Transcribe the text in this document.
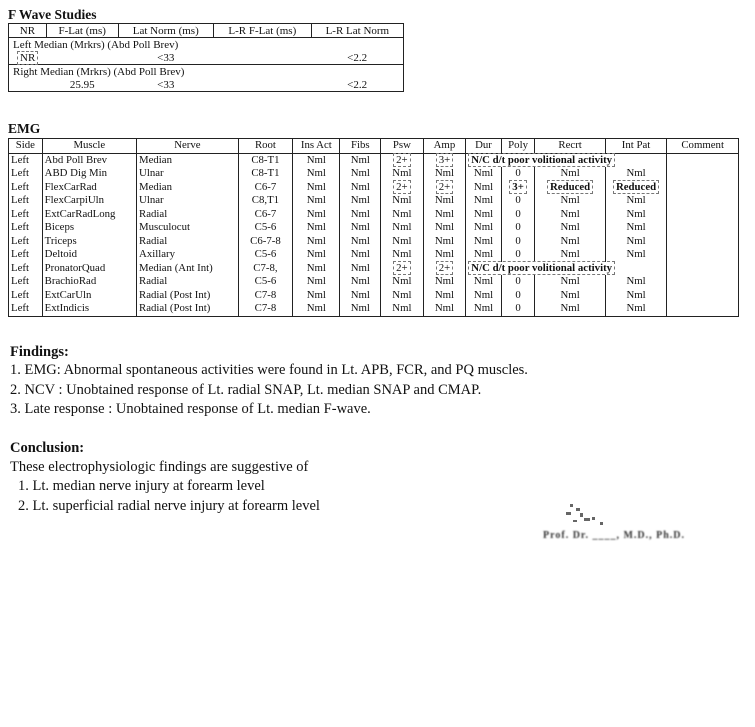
F Wave Studies
NR	F-Lat (ms)	Lat Norm (ms)	L-R F-Lat (ms)	L-R Lat Norm
Left Median (Mrkrs) (Abd Poll Brev)				
NR		<33		<2.2
Right Median (Mrkrs) (Abd Poll Brev)				
	25.95	<33		<2.2
EMG
Side	Muscle	Nerve	Root	Ins Act	Fibs	Psw	Amp	Dur	Poly	Recrt	Int Pat	Comment
Left	Abd Poll Brev	Median	C8-T1	Nml	Nml	2+	3+	N/C d/t poor volitional activity				
Left	ABD Dig Min	Ulnar	C8-T1	Nml	Nml	Nml	Nml	Nml	0	Nml	Nml	
Left	FlexCarRad	Median	C6-7	Nml	Nml	2+	2+	Nml	3+	Reduced	Reduced	
Left	FlexCarpiUln	Ulnar	C8,T1	Nml	Nml	Nml	Nml	Nml	0	Nml	Nml	
Left	ExtCarRadLong	Radial	C6-7	Nml	Nml	Nml	Nml	Nml	0	Nml	Nml	
Left	Biceps	Musculocut	C5-6	Nml	Nml	Nml	Nml	Nml	0	Nml	Nml	
Left	Triceps	Radial	C6-7-8	Nml	Nml	Nml	Nml	Nml	0	Nml	Nml	
Left	Deltoid	Axillary	C5-6	Nml	Nml	Nml	Nml	Nml	0	Nml	Nml	
Left	PronatorQuad	Median (Ant Int)	C7-8,	Nml	Nml	2+	2+	N/C d/t poor volitional activity				
Left	BrachioRad	Radial	C5-6	Nml	Nml	Nml	Nml	Nml	0	Nml	Nml	
Left	ExtCarUln	Radial (Post Int)	C7-8	Nml	Nml	Nml	Nml	Nml	0	Nml	Nml	
Left	ExtIndicis	Radial (Post Int)	C7-8	Nml	Nml	Nml	Nml	Nml	0	Nml	Nml	
Findings:
1. EMG: Abnormal spontaneous activities were found in Lt. APB, FCR, and PQ muscles.
2. NCV : Unobtained response of Lt. radial SNAP, Lt. median SNAP and CMAP.
3. Late response : Unobtained response of Lt. median F-wave.
Conclusion:
These electrophysiologic findings are suggestive of
1. Lt. median nerve injury at forearm level
2. Lt. superficial radial nerve injury at forearm level
Prof. Dr. ____, M.D., Ph.D.
